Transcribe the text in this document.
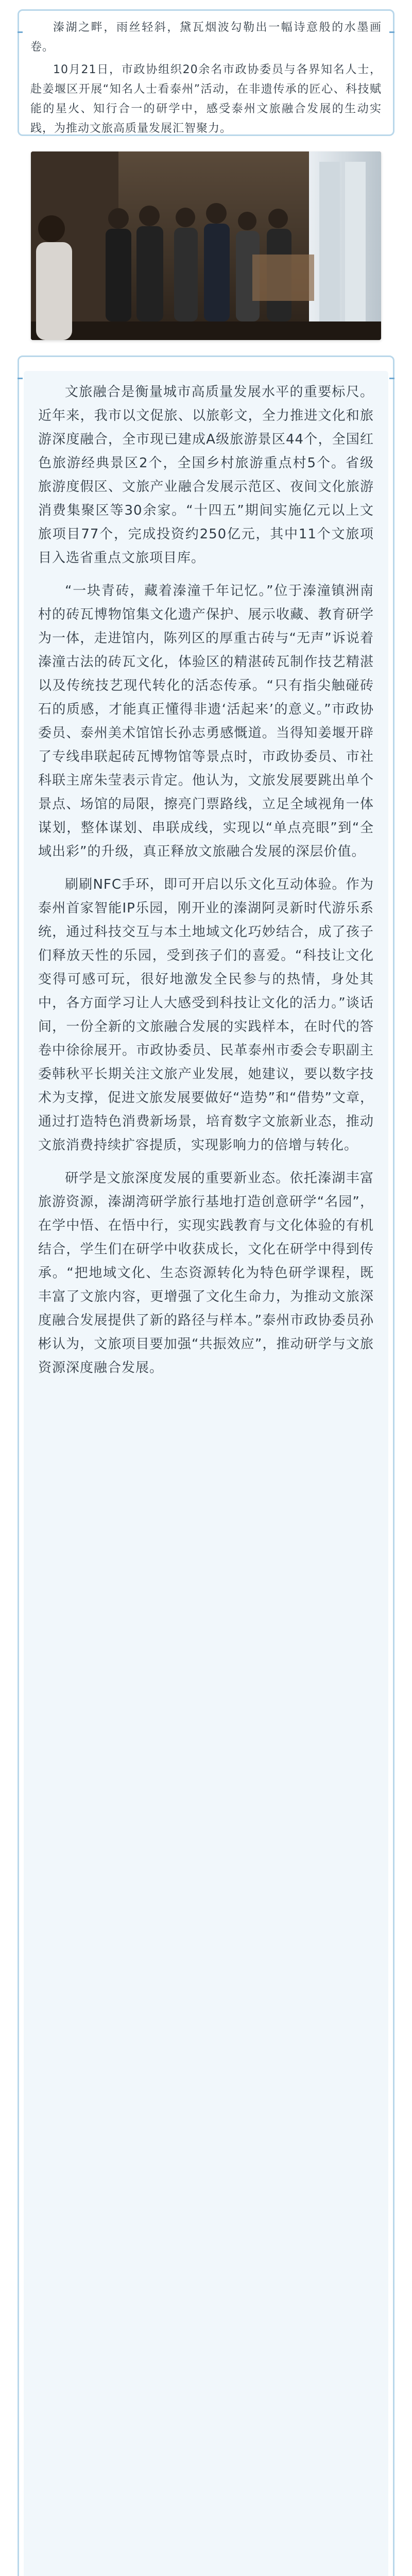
溱湖之畔，雨丝轻斜，黛瓦烟波勾勒出一幅诗意般的水墨画卷。

10月21日，市政协组织20余名市政协委员与各界知名人士，赴姜堰区开展“知名人士看泰州”活动，在非遗传承的匠心、科技赋能的星火、知行合一的研学中，感受泰州文旅融合发展的生动实践，为推动文旅高质量发展汇智聚力。

文旅融合是衡量城市高质量发展水平的重要标尺。近年来，我市以文促旅、以旅彰文，全力推进文化和旅游深度融合，全市现已建成A级旅游景区44个，全国红色旅游经典景区2个，全国乡村旅游重点村5个。省级旅游度假区、文旅产业融合发展示范区、夜间文化旅游消费集聚区等30余家。“十四五”期间实施亿元以上文旅项目77个，完成投资约250亿元，其中11个文旅项目入选省重点文旅项目库。

“一块青砖，藏着溱潼千年记忆。”位于溱潼镇洲南村的砖瓦博物馆集文化遗产保护、展示收藏、教育研学为一体，走进馆内，陈列区的厚重古砖与“无声”诉说着溱潼古法的砖瓦文化，体验区的精湛砖瓦制作技艺精湛以及传统技艺现代转化的活态传承。“只有指尖触碰砖石的质感，才能真正懂得非遗‘活起来’的意义。”市政协委员、泰州美术馆馆长孙志勇感慨道。当得知姜堰开辟了专线串联起砖瓦博物馆等景点时，市政协委员、市社科联主席朱莹表示肯定。他认为，文旅发展要跳出单个景点、场馆的局限，擦亮门票路线，立足全域视角一体谋划，整体谋划、串联成线，实现以“单点亮眼”到“全域出彩”的升级，真正释放文旅融合发展的深层价值。

刷刷NFC手环，即可开启以乐文化互动体验。作为泰州首家智能IP乐园，刚开业的溱湖阿灵新时代游乐系统，通过科技交互与本土地域文化巧妙结合，成了孩子们释放天性的乐园，受到孩子们的喜爱。“科技让文化变得可感可玩，很好地激发全民参与的热情，身处其中，各方面学习让人大感受到科技让文化的活力。”谈话间，一份全新的文旅融合发展的实践样本，在时代的答卷中徐徐展开。市政协委员、民革泰州市委会专职副主委韩秋平长期关注文旅产业发展，她建议，要以数字技术为支撑，促进文旅发展要做好“造势”和“借势”文章，通过打造特色消费新场景，培育数字文旅新业态，推动文旅消费持续扩容提质，实现影响力的倍增与转化。

研学是文旅深度发展的重要新业态。依托溱湖丰富旅游资源，溱湖湾研学旅行基地打造创意研学“名园”，在学中悟、在悟中行，实现实践教育与文化体验的有机结合，学生们在研学中收获成长，文化在研学中得到传承。“把地域文化、生态资源转化为特色研学课程，既丰富了文旅内容，更增强了文化生命力，为推动文旅深度融合发展提供了新的路径与样本。”泰州市政协委员孙彬认为，文旅项目要加强“共振效应”，推动研学与文旅资源深度融合发展。
